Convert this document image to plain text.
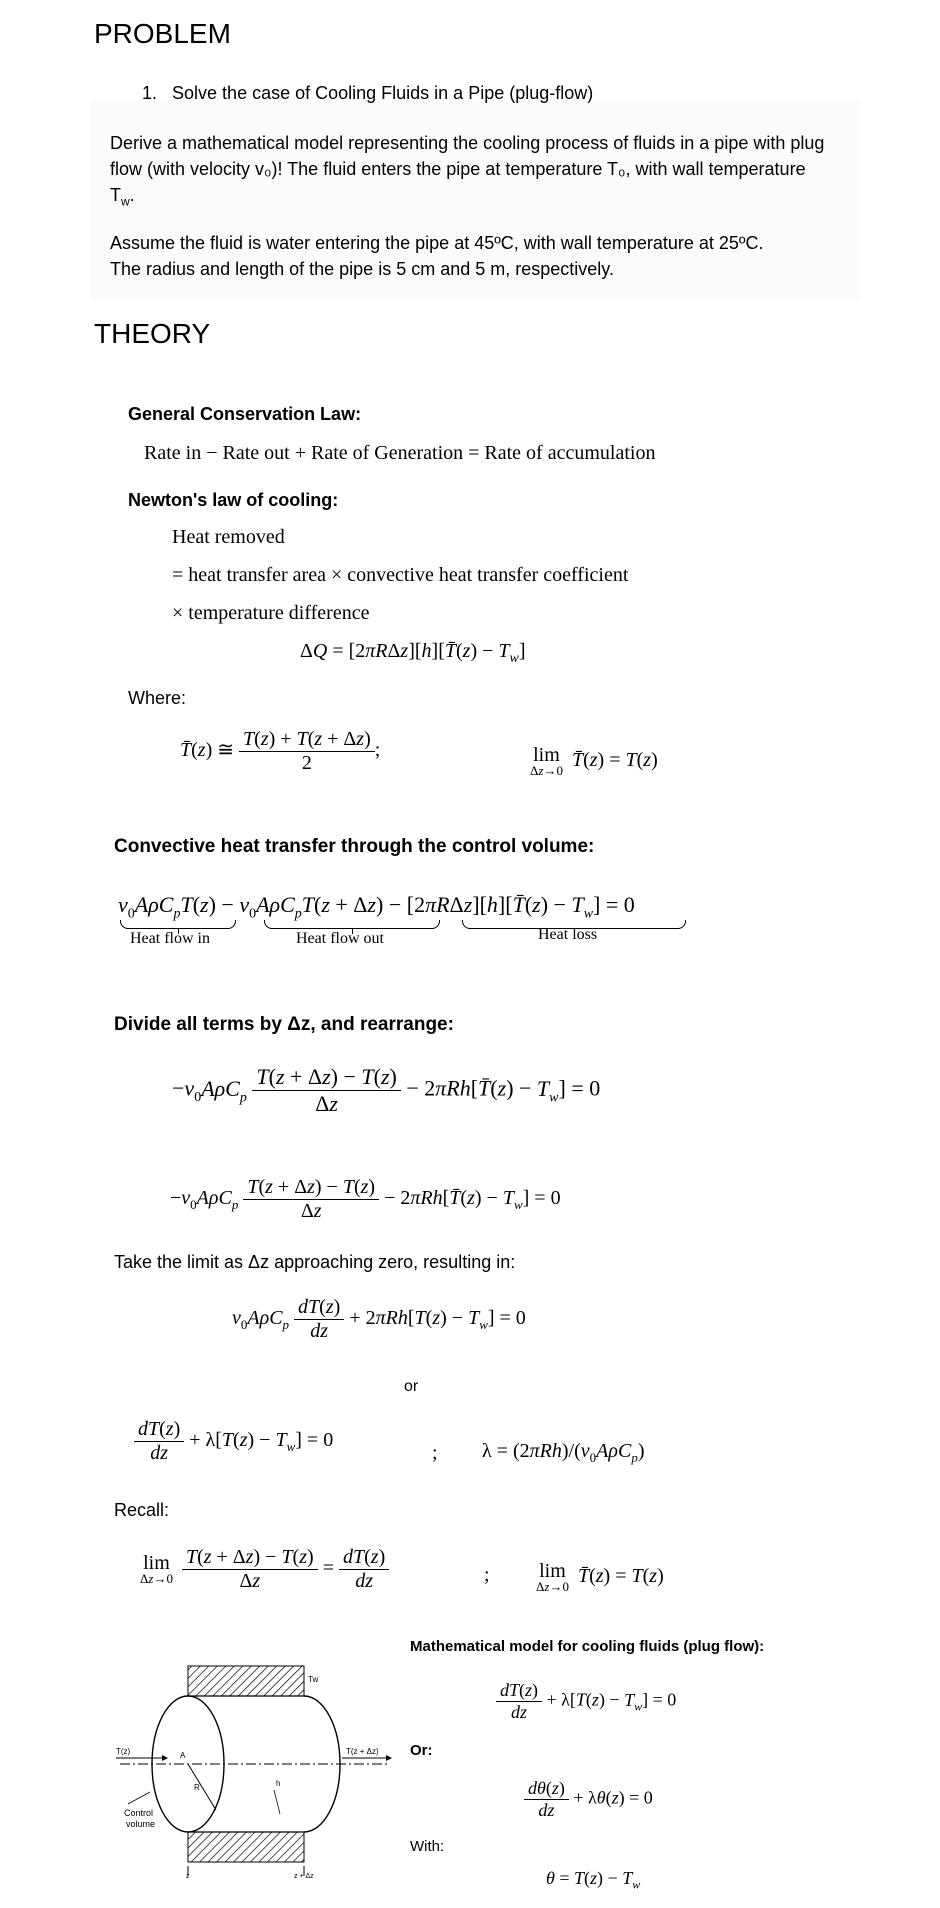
PROBLEM
1. Solve the case of Cooling Fluids in a Pipe (plug-flow)
Derive a mathematical model representing the cooling process of fluids in a pipe with plug
flow (with velocity v₀)! The fluid enters the pipe at temperature T₀, with wall temperature
$T_w$.
Assume the fluid is water entering the pipe at 45ºC, with wall temperature at 25ºC.
The radius and length of the pipe is 5 cm and 5 m, respectively.
THEORY
General Conservation Law:
Rate in − Rate out + Rate of Generation = Rate of accumulation
Newton's law of cooling:
Heat removed
= heat transfer area × convective heat transfer coefficient
× temperature difference
ΔQ = [2πRΔz][h][T̄(z) − $T_w$]
Where:
T̄(z) ≅ $\frac{T(z) + T(z + \Delta z)}{2}$ ;	lim
Δz→0 T̄(z) = T(z)
Convective heat transfer through the control volume:
$v_0A\rho C_pT(z) - v_0A\rho C_pT(z + \Delta z)$ − [2πRΔz][h][T̄(z) − $T_w] = 0$
Heat flow in	Heat flow out	Heat loss
Divide all terms by Δz, and rearrange:
$-v_0A\rho C_p \frac{T(z + \Delta z) - T(z)}{\Delta z}$ − 2πRh[T̄(z) − $T_w] = 0$
$-v_0A\rho C_p \frac{T(z + \Delta z) - T(z)}{\Delta z}$ − 2πRh[T̄(z) − $T_w] = 0$
Take the limit as Δz approaching zero, resulting in:
$v_0A\rho C_p \frac{dT(z)}{dz} + 2\pi Rh[T(z) - T_w] = 0$
or
$\frac{dT(z)}{dz} + \lambda[T(z) - T_w] = 0$
; $\lambda = (2\pi Rh)/(v_0A\rho C_p)$
Recall:
lim
Δz→0
$\frac{T(z + \Delta z) - T(z)}{\Delta z} = \frac{dT(z)}{dz}$	;	lim
Δz→0 T̄(z) = T(z)
Tw
T(z)	T(z + Δz)
A
R	h
Control volume
z	z + Δz
Mathematical model for cooling fluids (plug flow):
$\frac{dT(z)}{dz} + \lambda[T(z) - T_w] = 0$
Or:
$\frac{d\theta(z)}{dz} + \lambda\theta(z) = 0$
With:
$\theta = T(z) - T_w$
